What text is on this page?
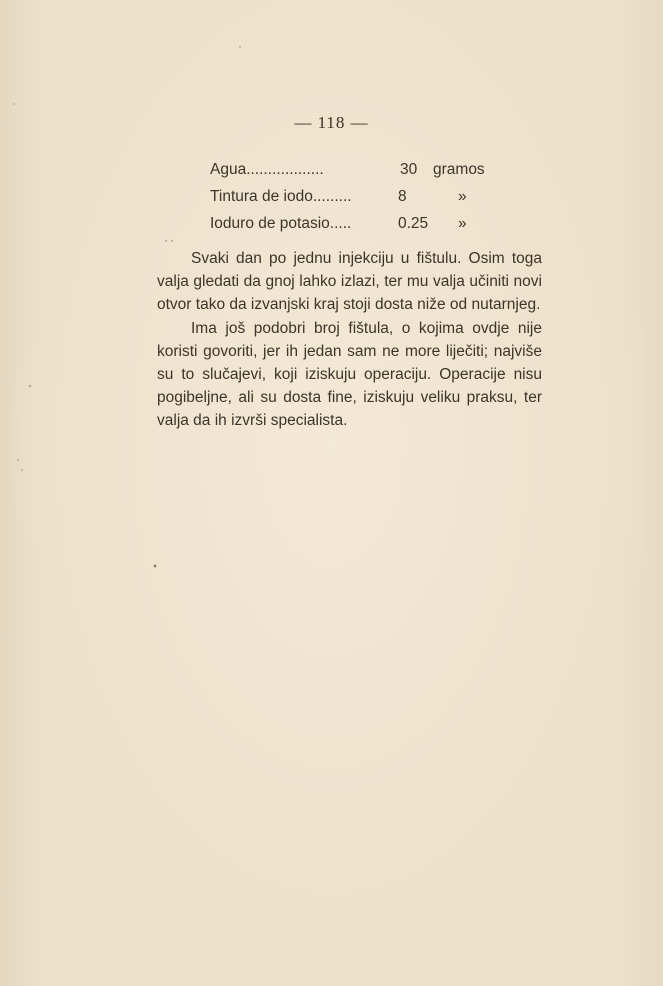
— 118 —
Agua..................	30 gramos
Tintura de iodo.........	8	»
Ioduro de potasio.....	0.25 »

Svaki dan po jednu injekciju u fištulu. Osim toga valja gledati da gnoj lahko izlazi, ter mu valja učiniti novi otvor tako da izvanjski kraj stoji dosta niže od nutarnjeg.

Ima još podobri broj fištula, o kojima ovdje nije koristi govoriti, jer ih jedan sam ne more liječiti; najviše su to slučajevi, koji iziskuju operaciju. Operacije nisu pogibeljne, ali su dosta fine, iziskuju veliku praksu, ter valja da ih izvrši specialista.
